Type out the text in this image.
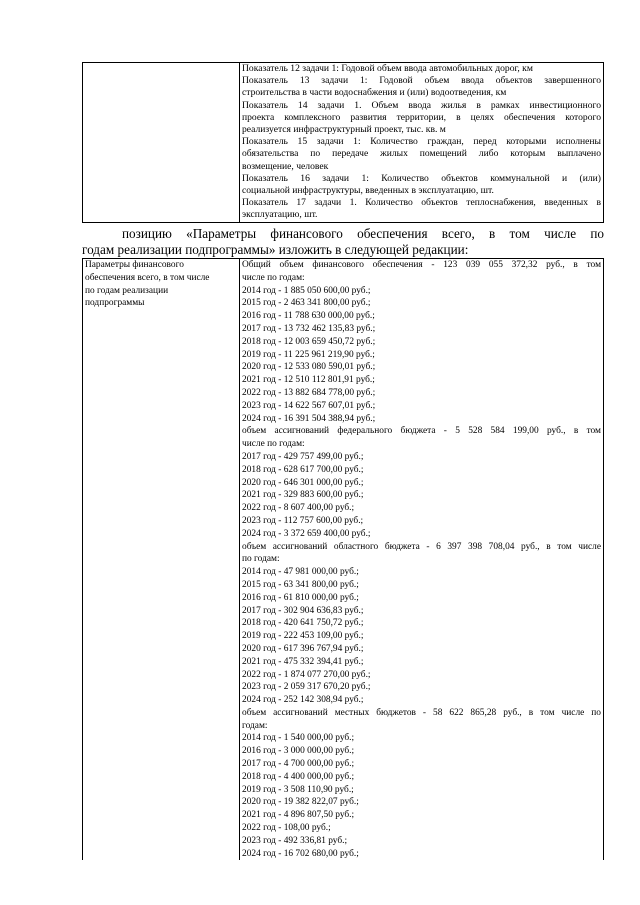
Показатель 12 задачи 1: Годовой объем ввода автомобильных дорог, км
Показатель 13 задачи 1: Годовой объем ввода объектов завершенного
строительства в части водоснабжения и (или) водоотведения, км
Показатель 14 задачи 1. Объем ввода жилья в рамках инвестиционного
проекта комплексного развития территории, в целях обеспечения которого
реализуется инфраструктурный проект, тыс. кв. м
Показатель 15 задачи 1: Количество граждан, перед которыми исполнены
обязательства по передаче жилых помещений либо которым выплачено
возмещение, человек
Показатель 16 задачи 1: Количество объектов коммунальной и (или)
социальной инфраструктуры, введенных в эксплуатацию, шт.
Показатель 17 задачи 1. Количество объектов теплоснабжения, введенных в
эксплуатацию, шт.
позицию «Параметры финансового обеспечения всего, в том числе по
годам реализации подпрограммы» изложить в следующей редакции:
Параметры финансового
обеспечения всего, в том числе
по годам реализации
подпрограммы

Общий объем финансового обеспечения - 123 039 055 372,32 руб., в том
числе по годам:
2014 год - 1 885 050 600,00 руб.;
2015 год - 2 463 341 800,00 руб.;
2016 год - 11 788 630 000,00 руб.;
2017 год - 13 732 462 135,83 руб.;
2018 год - 12 003 659 450,72 руб.;
2019 год - 11 225 961 219,90 руб.;
2020 год - 12 533 080 590,01 руб.;
2021 год - 12 510 112 801,91 руб.;
2022 год - 13 882 684 778,00 руб.;
2023 год - 14 622 567 607,01 руб.;
2024 год - 16 391 504 388,94 руб.;
объем ассигнований федерального бюджета - 5 528 584 199,00 руб., в том
числе по годам:
2017 год - 429 757 499,00 руб.;
2018 год - 628 617 700,00 руб.;
2020 год - 646 301 000,00 руб.;
2021 год - 329 883 600,00 руб.;
2022 год - 8 607 400,00 руб.;
2023 год - 112 757 600,00 руб.;
2024 год - 3 372 659 400,00 руб.;
объем ассигнований областного бюджета - 6 397 398 708,04 руб., в том числе
по годам:
2014 год - 47 981 000,00 руб.;
2015 год - 63 341 800,00 руб.;
2016 год - 61 810 000,00 руб.;
2017 год - 302 904 636,83 руб.;
2018 год - 420 641 750,72 руб.;
2019 год - 222 453 109,00 руб.;
2020 год - 617 396 767,94 руб.;
2021 год - 475 332 394,41 руб.;
2022 год - 1 874 077 270,00 руб.;
2023 год - 2 059 317 670,20 руб.;
2024 год - 252 142 308,94 руб.;
объем ассигнований местных бюджетов - 58 622 865,28 руб., в том числе по
годам:
2014 год - 1 540 000,00 руб.;
2016 год - 3 000 000,00 руб.;
2017 год - 4 700 000,00 руб.;
2018 год - 4 400 000,00 руб.;
2019 год - 3 508 110,90 руб.;
2020 год - 19 382 822,07 руб.;
2021 год - 4 896 807,50 руб.;
2022 год - 108,00 руб.;
2023 год - 492 336,81 руб.;
2024 год - 16 702 680,00 руб.;
